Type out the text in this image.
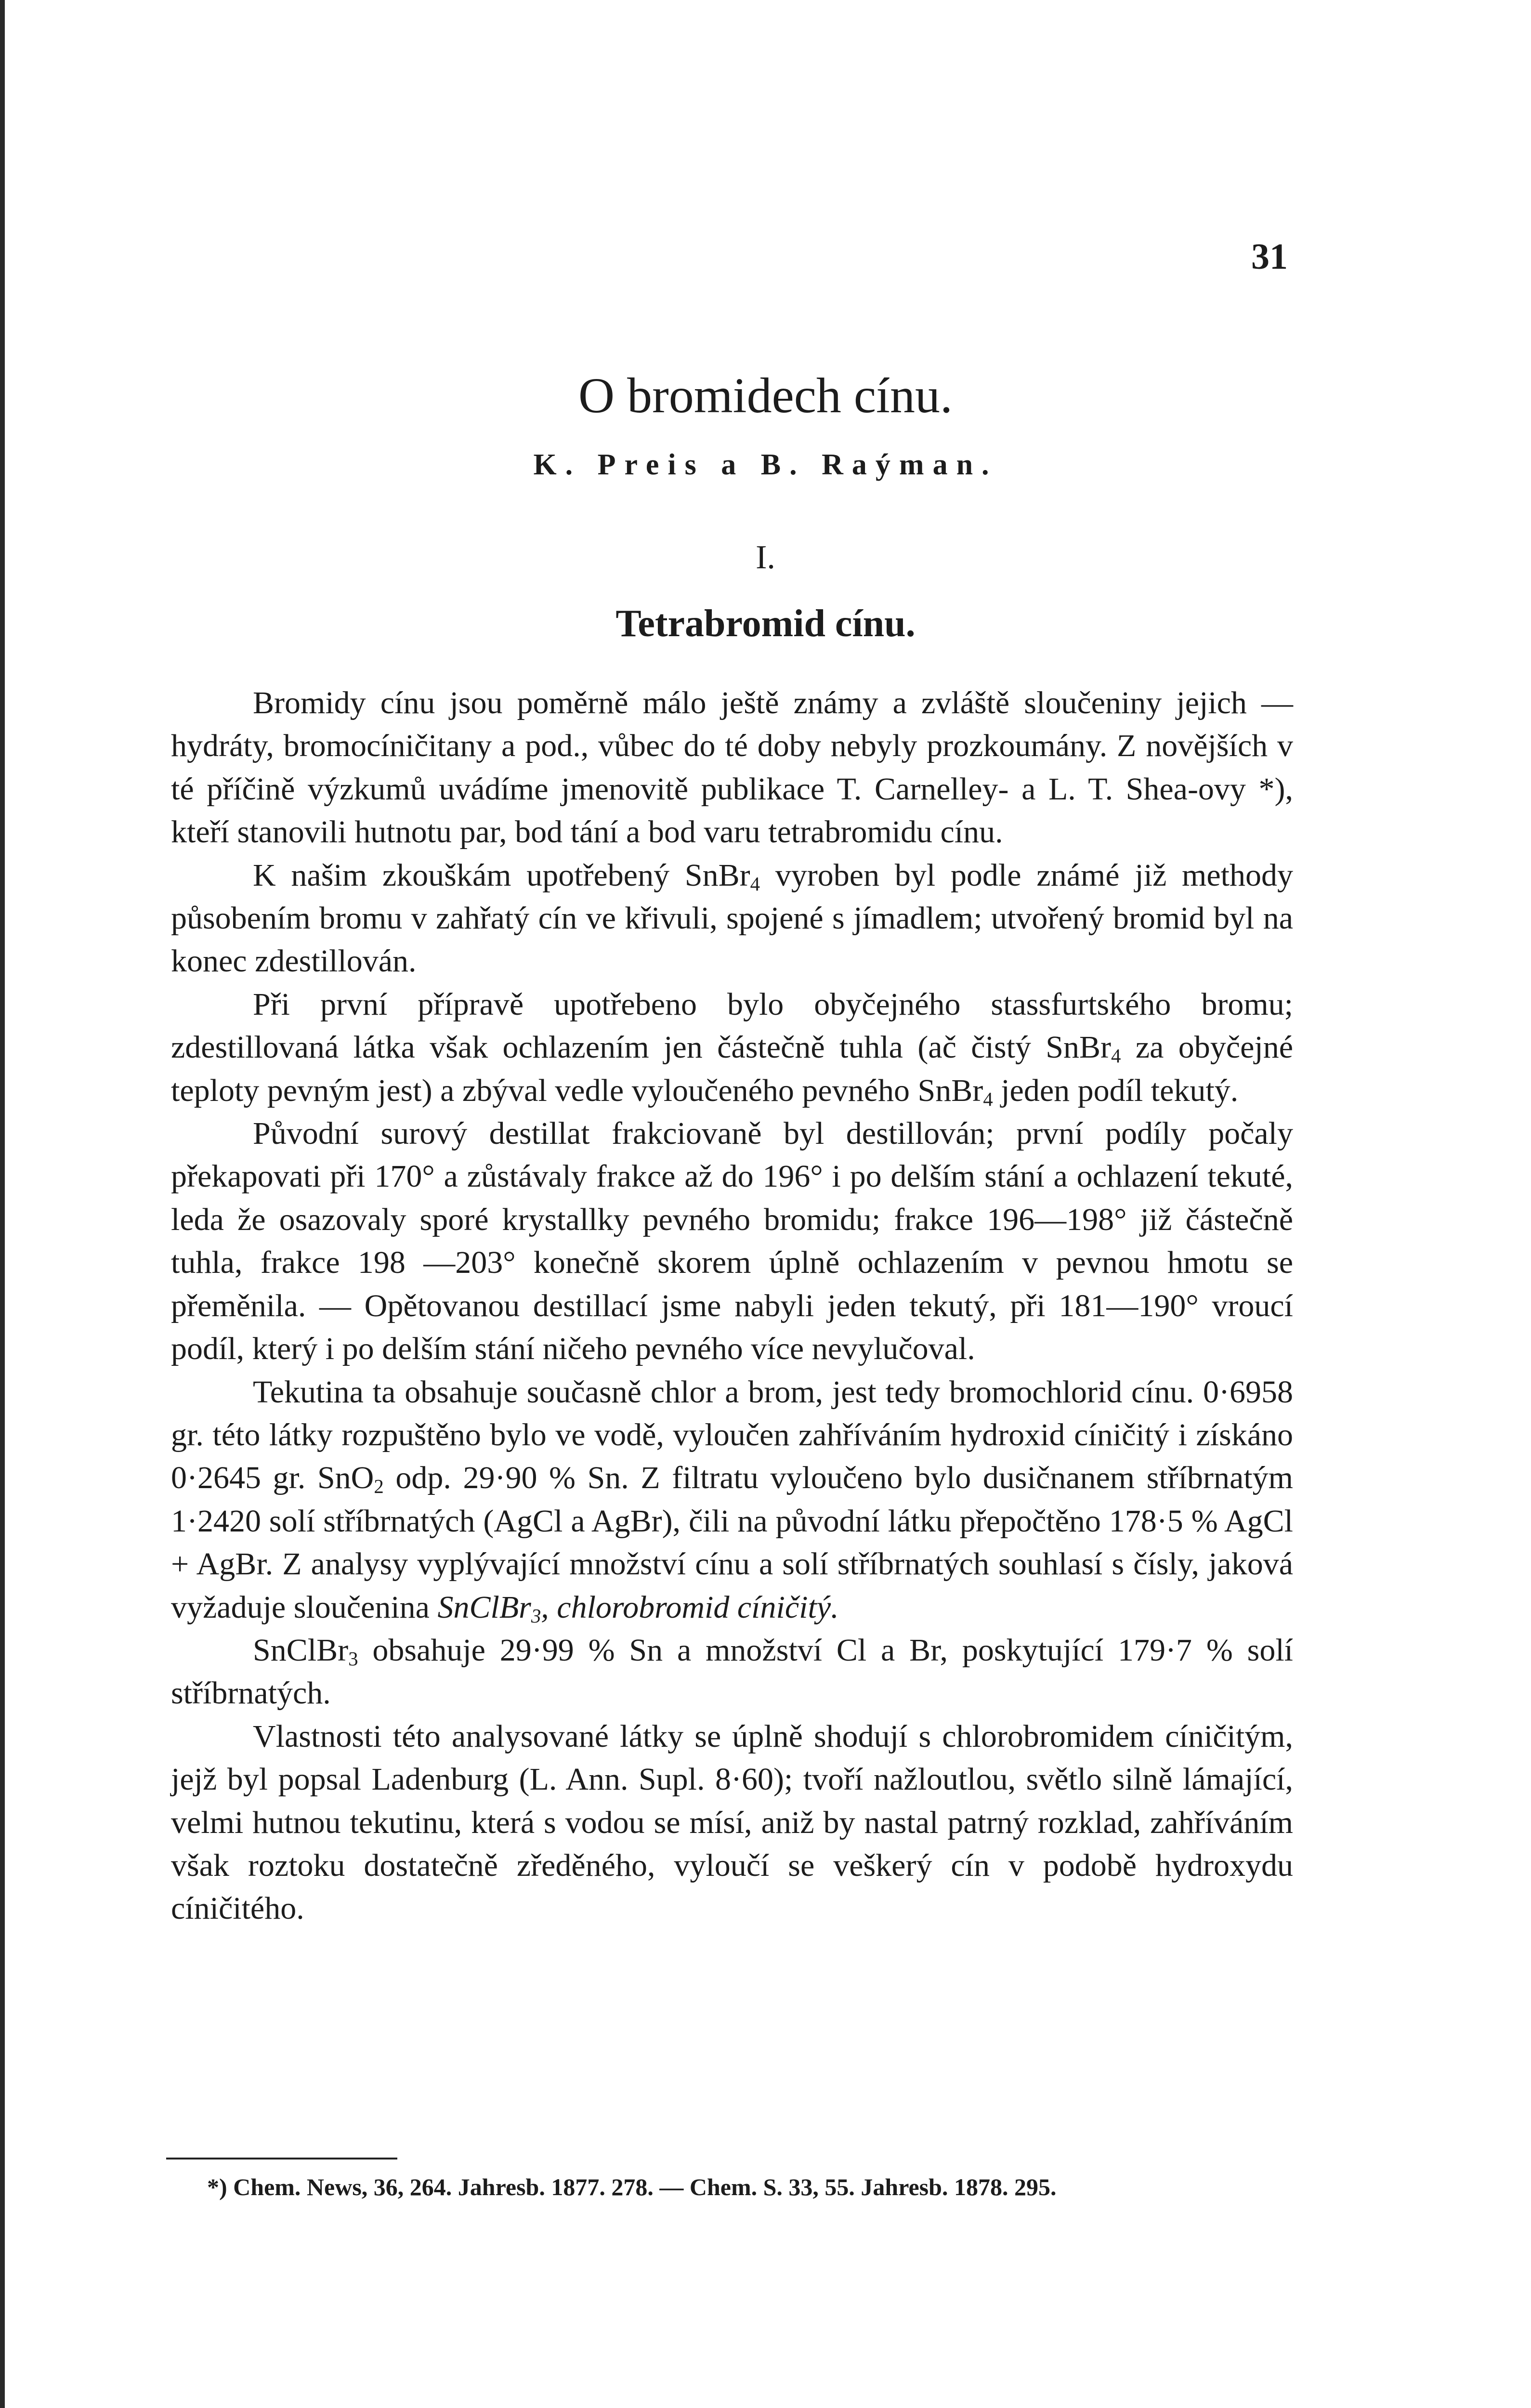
31
O bromidech cínu.
K. Preis a B. Raýman.
I.
Tetrabromid cínu.

Bromidy cínu jsou poměrně málo ještě známy a zvláště sloučeniny jejich — hydráty, bromocíničitany a pod., vůbec do té doby nebyly prozkoumány. Z novějších v té příčině výzkumů uvádíme jmenovitě publikace T. Carnelley- a L. T. Shea-ovy *), kteří stanovili hutnotu par, bod tání a bod varu tetrabromidu cínu.

K našim zkouškám upotřebený SnBr$_4$ vyroben byl podle známé již methody působením bromu v zahřatý cín ve křivuli, spojené s jímadlem; utvořený bromid byl na konec zdestillován.

Při první přípravě upotřebeno bylo obyčejného stassfurtského bromu; zdestillovaná látka však ochlazením jen částečně tuhla (ač čistý SnBr$_4$ za obyčejné teploty pevným jest) a zbýval vedle vyloučeného pevného SnBr$_4$ jeden podíl tekutý.

Původní surový destillat frakciovaně byl destillován; první podíly počaly překapovati při 170° a zůstávaly frakce až do 196° i po delším stání a ochlazení tekuté, leda že osazovaly sporé krystallky pevného bromidu; frakce 196—198° již částečně tuhla, frakce 198 —203° konečně skorem úplně ochlazením v pevnou hmotu se přeměnila. — Opětovanou destillací jsme nabyli jeden tekutý, při 181—190° vroucí podíl, který i po delším stání ničeho pevného více nevylučoval.

Tekutina ta obsahuje současně chlor a brom, jest tedy bromochlorid cínu. 0·6958 gr. této látky rozpuštěno bylo ve vodě, vyloučen zahříváním hydroxid cíničitý i získáno 0·2645 gr. SnO$_2$ odp. 29·90 % Sn. Z filtratu vyloučeno bylo dusičnanem stříbrnatým 1·2420 solí stříbrnatých (AgCl a AgBr), čili na původní látku přepočtěno 178·5 % AgCl + AgBr. Z analysy vyplývající množství cínu a solí stříbrnatých souhlasí s čísly, jaková vyžaduje sloučenina SnClBr$_3$, chlorobromid cíničitý.

SnClBr$_3$ obsahuje 29·99 % Sn a množství Cl a Br, poskytující 179·7 % solí stříbrnatých.

Vlastnosti této analysované látky se úplně shodují s chlorobromidem cíničitým, jejž byl popsal Ladenburg (L. Ann. Supl. 8·60); tvoří nažloutlou, světlo silně lámající, velmi hutnou tekutinu, která s vodou se mísí, aniž by nastal patrný rozklad, zahříváním však roztoku dostatečně zředěného, vyloučí se veškerý cín v podobě hydroxydu cíničitého.

*) Chem. News, 36, 264. Jahresb. 1877. 278. — Chem. S. 33, 55. Jahresb. 1878. 295.
